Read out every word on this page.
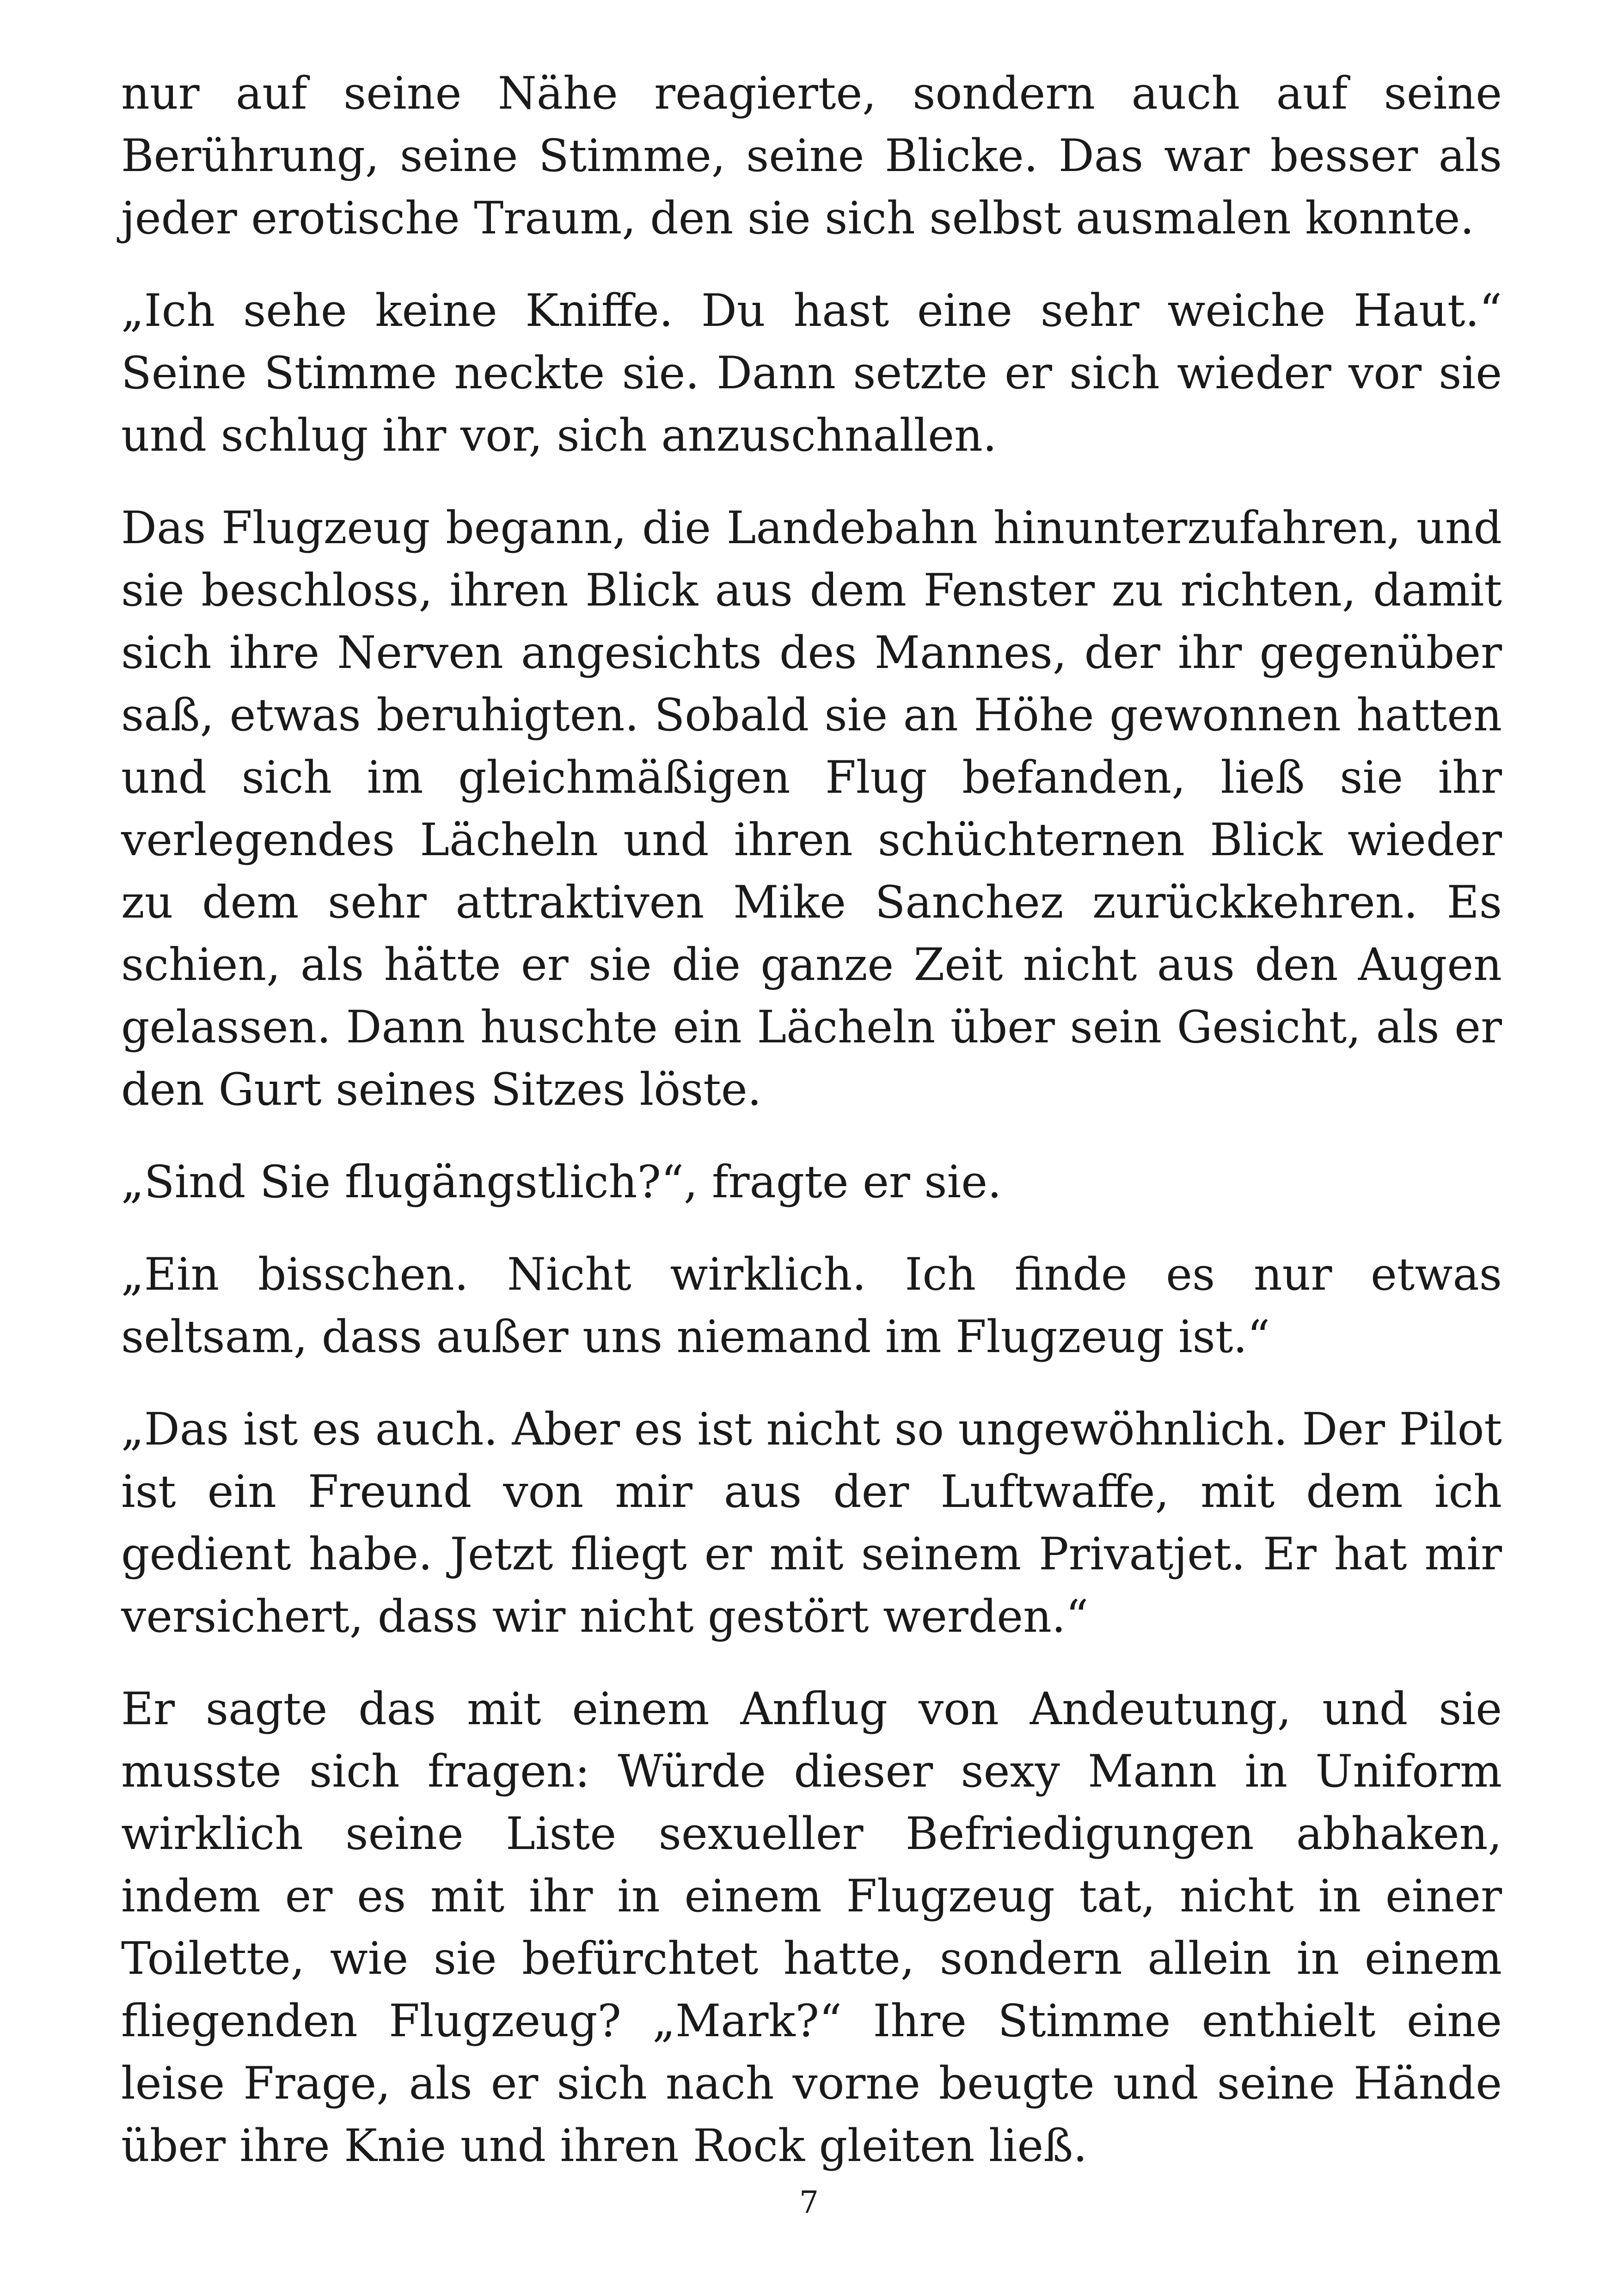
nur auf seine Nähe reagierte, sondern auch auf seine Berührung, seine Stimme, seine Blicke. Das war besser als jeder erotische Traum, den sie sich selbst ausmalen konnte.

„Ich sehe keine Kniffe. Du hast eine sehr weiche Haut.“ Seine Stimme neckte sie. Dann setzte er sich wieder vor sie und schlug ihr vor, sich anzuschnallen.

Das Flugzeug begann, die Landebahn hinunterzufahren, und sie beschloss, ihren Blick aus dem Fenster zu richten, damit sich ihre Nerven angesichts des Mannes, der ihr gegenüber saß, etwas beruhigten. Sobald sie an Höhe gewonnen hatten und sich im gleichmäßigen Flug befanden, ließ sie ihr verlegendes Lächeln und ihren schüchternen Blick wieder zu dem sehr attraktiven Mike Sanchez zurückkehren. Es schien, als hätte er sie die ganze Zeit nicht aus den Augen gelassen. Dann huschte ein Lächeln über sein Gesicht, als er den Gurt seines Sitzes löste.

„Sind Sie flugängstlich?“, fragte er sie.

„Ein bisschen. Nicht wirklich. Ich finde es nur etwas seltsam, dass außer uns niemand im Flugzeug ist.“

„Das ist es auch. Aber es ist nicht so ungewöhnlich. Der Pilot ist ein Freund von mir aus der Luftwaffe, mit dem ich gedient habe. Jetzt fliegt er mit seinem Privatjet. Er hat mir versichert, dass wir nicht gestört werden.“

Er sagte das mit einem Anflug von Andeutung, und sie musste sich fragen: Würde dieser sexy Mann in Uniform wirklich seine Liste sexueller Befriedigungen abhaken, indem er es mit ihr in einem Flugzeug tat, nicht in einer Toilette, wie sie befürchtet hatte, sondern allein in einem fliegenden Flugzeug? „Mark?“ Ihre Stimme enthielt eine leise Frage, als er sich nach vorne beugte und seine Hände über ihre Knie und ihren Rock gleiten ließ.

7
